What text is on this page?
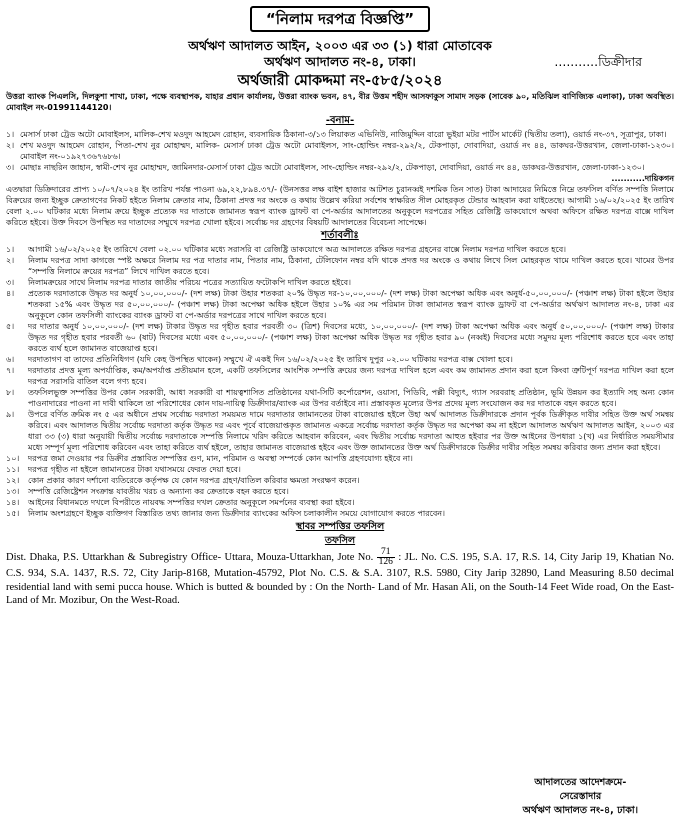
“নিলাম দরপত্র বিজ্ঞপ্তি”
অর্থঋণ আদালত আইন, ২০০৩ এর ৩৩ (১) ধারা মোতাবেক
অর্থঋণ আদালত নং-৪, ঢাকা।	...........ডিক্রীদার
অর্থজারী মোকদ্দমা নং-৫৮৫/২০২৪
উত্তরা ব্যাংক পিএলসি, দিলকুশা শাখা, ঢাকা, পক্ষে ব্যবস্থাপক, যাহার প্রধান কার্যালয়, উত্তরা ব্যাংক ভবন, ৪৭, বীর উত্তম শহীদ আসফাকুস সামাদ সড়ক (সাবেক ৯০, মতিঝিল বাণিজ্যিক এলাকা), ঢাকা অবস্থিত। মোবাইল নং-01991144120।
-বনাম-
১। মেসার্স ঢাকা ট্রেড অটো মোবাইলস, মালিক-শেখ মওদুদ আহমেদ রোহান, ব্যবসায়িক ঠিকানা-৩/১৩ লিয়াকত এভিনিউ, নাজিমুদ্দিন বারো ভুইয়া মটর পার্টস মার্কেট (দ্বিতীয় তলা), ওয়ার্ড নং-৩৭, সূত্রাপুর, ঢাকা।
২। শেখ মওদুদ আহমেদ রোহান, পিতা-শেখ নুর মোহাম্মদ, মালিক- মেসার্স ঢাকা ট্রেড অটো মোবাইলস, সাং-হোল্ডিং নম্বর-২৯২/২, টেকপাড়া, দোবাদিয়া, ওয়ার্ড নং ৪৪, ডাকঘর-উত্তরখান, জেলা-ঢাকা-১২৩০। মোবাইল নং-০১৯২৭৩৬৭৬৮৬।
৩। মোছাঃ নাছরিন জাহান, স্বামী-শেখ নুর মোহাম্মদ, জামিনদার-মেসার্স ঢাকা ট্রেড অটো মোবাইলস, সাং-হোল্ডিং নম্বর-২৯২/২, টেকপাড়া, দোবাদিয়া, ওয়ার্ড নং ৪৪, ডাকঘর-উত্তরখান, জেলা-ঢাকা-১২৩০।
...........দায়িকগন
এতদ্বারা ডিক্রিদারের প্রাপ্য ১০/০৭/২০২৪ ইং তারিখ পর্যন্ত পাওনা ৬৯,২২,৮৯৪.৩৭/- (উনসত্তর লক্ষ বাইশ হাজার আটশত চুরানব্বই দশমিক তিন সাত) টাকা আদায়ের নিমিত্তে নিম্নে তফসিল বর্ণিত সম্পত্তি নিলামে বিক্রয়ের জন্য ইচ্ছুক ক্রেতাগণের নিকট হইতে নিলাম ক্রেতার নাম, ঠিকানা প্রদত্ত দর অংকে ও কথায় উল্লেখ করিয়া সর্বশেষ স্বাক্ষরিত সীল মোহরকৃত টেন্ডার আহবান করা যাইতেছে। আগামী ১৬/০২/২০২৫ ইং তারিখ বেলা ২.০০ ঘটিকার মধ্যে নিলাম ক্রয়ে ইচ্ছুক প্রত্যেক দর দাতাকে জামানত স্বরূপ ব্যাংক ড্রাফট বা পে-অর্ডার আদালতের অনুকূলে দরপত্রের সহিত রেজিষ্ট্রি ডাকযোগে অথবা অফিসে রক্ষিত দরপত্র বাক্সে দাখিল করিতে হইবে। উক্ত দিবসে উপস্থিত দর দাতাদের সম্মুখে দরপত্র খোলা হইবে। সর্বোচ্চ দর গ্রহণের বিষয়টি আদালতের বিবেচনা সাপেক্ষে।
শর্তাবলীঃ
১।	আগামী ১৬/০২/২০২৫ ইং তারিখে বেলা ০২.০০ ঘটিকার মধ্যে সরাসরি বা রেজিষ্ট্রি ডাকযোগে অত্র আদালতে রক্ষিত দরপত্র গ্রহনের বাক্সে নিলাম দরপত্র দাখিল করতে হবে।
২।	নিলাম দরপত্র সাদা কাগজে স্পষ্ট অক্ষরে নিলাম দর পত্র দাতার নাম, পিতার নাম, ঠিকানা, টেলিফোন নম্বর যদি থাকে প্রদত্ত দর অংকে ও কথায় লিখে সিল মোহরকৃত খামে দাখিল করতে হবে। খামের উপর “সম্পত্তি নিলামে ক্রয়ের দরপত্র” লিখে দাখিল করতে হবে।
৩।	নিলামক্রয়ের সাথে নিলাম দরপত্র দাতার জাতীয় পরিচয় পত্রের সত্যায়িত ফটোকপি দাখিল করতে হইবে।
৪।	প্রত্যেক দরদাতাকে উদ্ধৃত দর অনুর্ধ ১০,০০,০০০/- (দশ লক্ষ) টাকা উহার শতকরা ২০% উদ্ধৃত দর-১০,০০,০০০/- (দশ লক্ষ) টাকা অপেক্ষা অধিক এবং অনুর্ধ-৫০,০০,০০০/- (পঞ্চাশ লক্ষ) টাকা হইলে উহার শতকরা ১৫% এবং উদ্ধৃত দর ৫০,০০,০০০/- (পঞ্চাশ লক্ষ) টাকা অপেক্ষা অধিক হইলে উহার ১০% এর সম পরিমান টাকা জামানত স্বরূপ ব্যাংক ড্রাফট বা পে-অর্ডার অর্থঋণ আদালত নং-৪, ঢাকা এর অনুকূলে কোন তফসিলী ব্যাংকের ব্যাংক ড্রাফট বা পে-অর্ডার দরপত্রের সাথে দাখিল করতে হবে।
৫।	দর দাতার অনুর্ধ ১০,০০,০০০/- (দশ লক্ষ) টাকার উদ্ধৃত দর গৃহীত হবার পরবর্তী ৩০ (ত্রিশ) দিবসের মধ্যে, ১০,০০,০০০/- (দশ লক্ষ) টাকা অপেক্ষা অধিক এবং অনুর্ধ ৫০,০০,০০০/- (পঞ্চাশ লক্ষ) টাকার উদ্ধৃত দর গৃহীত হবার পরবর্তী ৬০ (ষাট) দিবসের মধ্যে এবং ৫০,০০,০০০/- (পঞ্চাশ লক্ষ) টাকা অপেক্ষা অধিক উদ্ধৃত দর গৃহীত হবার ৯০ (নব্বই) দিবসের মধ্যে সমুদয় মূল্য পরিশোধ করতে হবে এবং তাহা করতে ব্যর্থ হলে জামানত বাজেয়াপ্ত হবে।
৬।	দরদাতাগণ বা তাদের প্রতিনিধিগণ (যদি কেহ উপস্থিত থাকেন) সম্মুখে ঐ একই দিন ১৬/০২/২০২৫ ইং তারিখ দুপুর ০২.০০ ঘটিকায় দরপত্র বাক্স খোলা হবে।
৭।	দরদাতার প্রদত্ত মূল্য অপর্যাপ্তিক, কম/অপর্যাপ্ত প্রতীয়মান হলে, একটি তফসিলের আংশিক সম্পত্তি ক্রয়ের জন্য দরপত্র দাখিল হলে এবং কম জামানত প্রদান করা হলে কিংবা ত্রুটিপূর্ণ দরপত্র দাখিল করা হলে দরপত্র সরাসরি বাতিল বলে গণ্য হবে।
৮।	তফসিলভুক্ত সম্পত্তির উপর কোন সরকারী, আধা সরকারী বা শায়ত্বশাসিত প্রতিষ্ঠানের যথা-সিটি কর্পোরেশন, ওয়াসা, পিডিবি, পল্লী বিদ্যুৎ, গ্যাস সরবরাহ প্রতিষ্ঠান, ভূমি উন্নয়ন কর ইত্যাদি সহ অন্য কোন পাওনাদারের পাওনা না দাবী থাকিলে তা পরিশোধের কোন দায়-দায়িত্ব ডিক্রীদার/ব্যাংক এর উপর বর্তাইবে না। প্রস্তাবকৃত মূল্যের উপর প্রদেয় মূল্য সংযোজন কর দর দাতাকে বহন করতে হবে।
৯।	উপরে বর্ণিত ক্রমিক নং ৫ এর অধীনে প্রথম সর্বোচ্চ দরদাতা সময়মত দামে দরদাতার জামানতের টাকা বাজেয়াপ্ত হইলে উহা অর্থ আদালত ডিক্রীদারকে প্রদান পূর্বক ডিক্রীকৃত দাবীর সহিত উক্ত অর্থ সমন্বয় করিবে। এবং আদালত দ্বিতীয় সর্বোচ্চ দরদাতা কর্তৃক উদ্ধৃত দর এবং পূর্বে বাজেয়াপ্তকৃত জামানত একত্রে সর্বোচ্চ দরদাতা কর্তৃক উদ্ধৃত দর অপেক্ষা কম না হইলে আদালত অর্থঋণ আদালত আইন, ২০০৩ এর ধারা ৩৩ (৩) ধারা অনুযায়ী দ্বিতীয় সর্বোচ্চ দরদাতাকে সম্পত্তি নিলামে খরিদ করিতে আহবান করিবেন, এবং দ্বিতীয় সর্বোচ্চ দরদাতা আহুত হইবার পর উক্ত আইনের উপধারা ১(খ) এর নির্ধারিত সময়সীমার মধ্যে সম্পূর্ণ মূল্য পরিশোধ করিবেন এবং তাহা করিতে ব্যর্থ হইলে, তাহার জামানত বাজেয়াপ্ত হইবে এবং উক্ত জামানতের উক্ত অর্থ ডিক্রীদারকে ডিক্রীর দাবীর সহিত সমন্বয় করিবার জন্য প্রদান করা হইবে।
১০।	দরপত্র জমা দেওয়ার পর ডিক্রীর প্রস্তাবিত সম্পত্তির গুণ, মান, পরিমান ও অবস্থা সম্পর্কে কোন আপত্তি গ্রহণযোগ্য হইবে না।
১১।	দরপত্র গৃহীত না হইলে জামানতের টাকা যথাসময়ে ফেরত দেয়া হবে।
১২।	কোন প্রকার কারণ দর্শানো ব্যতিরেকে কর্তৃপক্ষ যে কোন দরপত্র গ্রহণ/বাতিল করিবার ক্ষমতা সংরক্ষণ করেন।
১৩।	সম্পত্তি রেজিষ্ট্রেশন সংক্রান্ত যাবতীয় খরচ ও অন্যান্য কর ক্রেতাকে বহন করতে হবে।
১৪।	আইনের বিধানমতে দখলে বিপরীতে নায়বদ্ধ সম্পত্তির দখল ক্রেতার অনুকূলে সমর্পনের ব্যবস্থা করা হইবে।
১৫।	নিলাম অংশগ্রহণে ইচ্ছুক ব্যক্তিগণ বিস্তারিত তথ্য জানার জন্য ডিক্রীদার ব্যাংকের অফিস চলাকালীন সময়ে যোগাযোগ করতে পারবেন।
স্থাবর সম্পত্তির তফসিল
তফসিল
Dist. Dhaka, P.S. Uttarkhan & Subregistry Office- Uttara, Mouza-Uttarkhan, Jote No. $\frac{71}{126}$ : JL. No. C.S. 195, S.A. 17, R.S. 14, City Jarip 19, Khatian No. C.S. 934, S.A. 1437, R.S. 72, City Jarip-8168, Mutation-45792, Plot No. C.S. & S.A. 3107, R.S. 5980, City Jarip 32890, Land Measuring 8.50 decimal residential land with semi pucca house. Which is butted & bounded by : On the North- Land of Mr. Hasan Ali, on the South-14 Feet Wide road, On the East-Land of Mr. Mozibur, On the West-Road.
আদালতের আদেশক্রমে-
সেরেস্তাদার
অর্থঋণ আদালত নং-৪, ঢাকা।
